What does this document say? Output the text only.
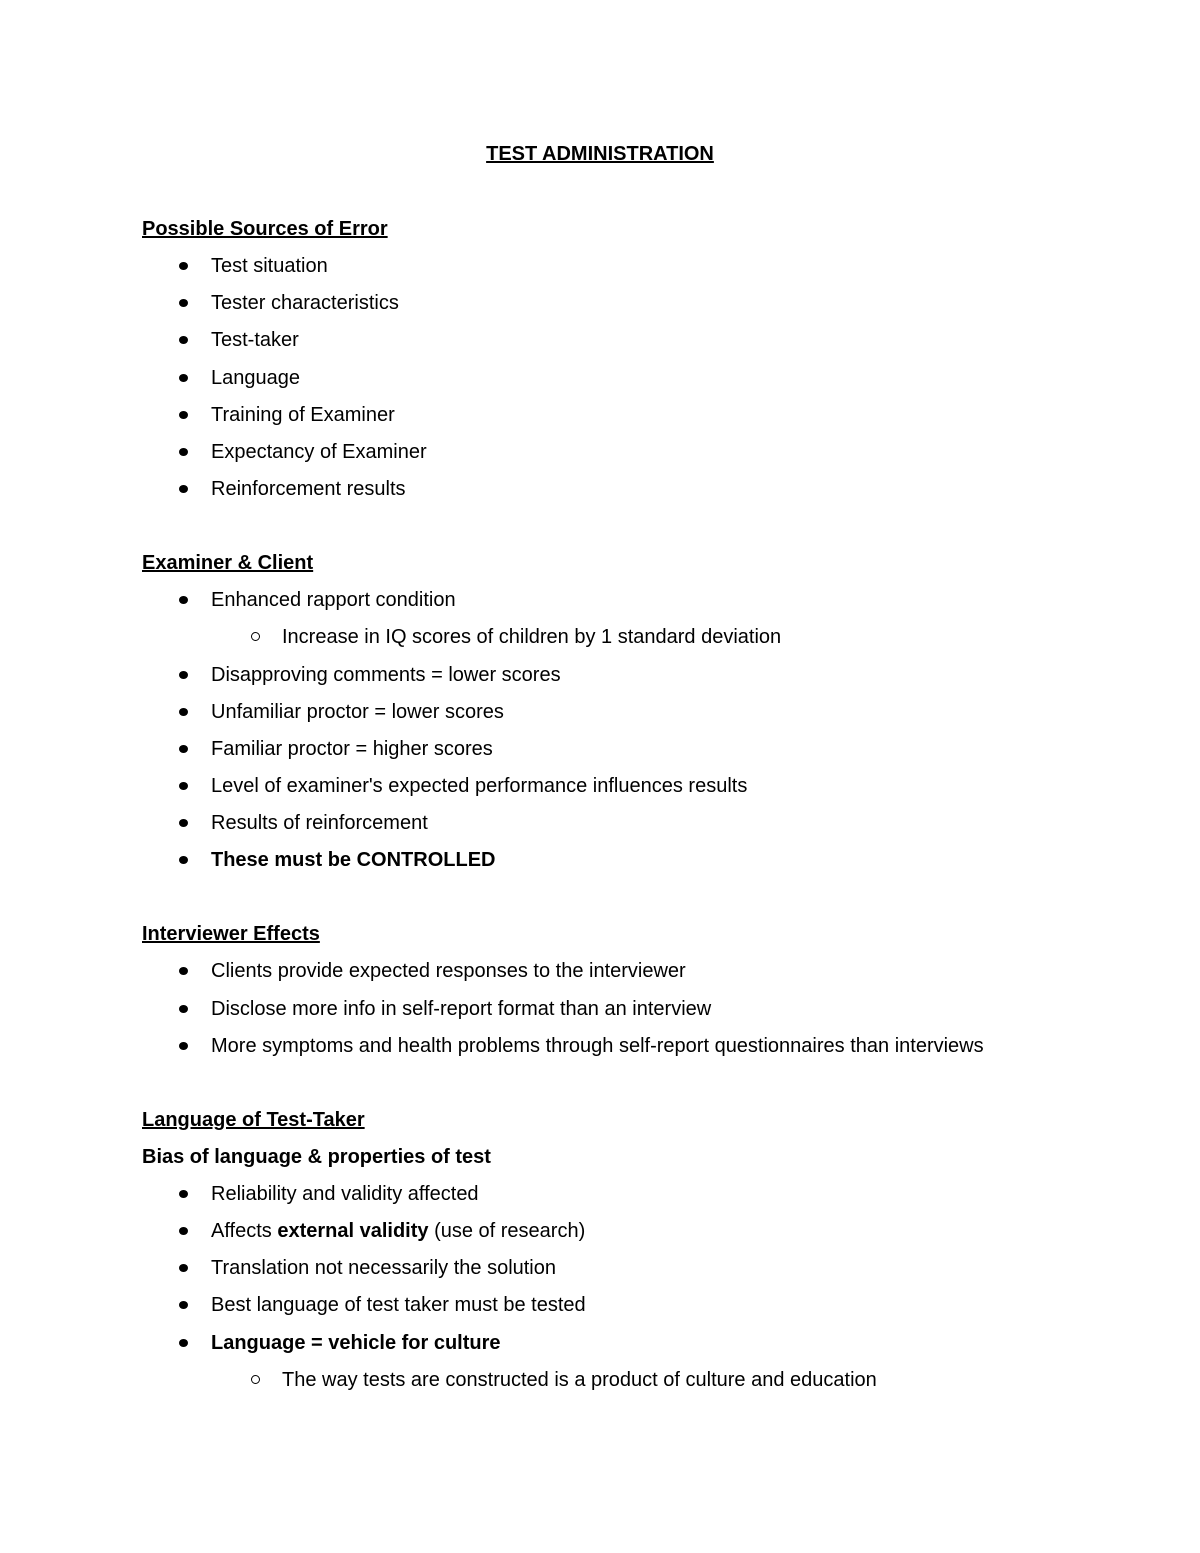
TEST ADMINISTRATION
Possible Sources of Error
Test situation
Tester characteristics
Test-taker
Language
Training of Examiner
Expectancy of Examiner
Reinforcement results
Examiner & Client
Enhanced rapport condition
Increase in IQ scores of children by 1 standard deviation
Disapproving comments = lower scores
Unfamiliar proctor = lower scores
Familiar proctor = higher scores
Level of examiner's expected performance influences results
Results of reinforcement
These must be CONTROLLED
Interviewer Effects
Clients provide expected responses to the interviewer
Disclose more info in self-report format than an interview
More symptoms and health problems through self-report questionnaires than interviews
Language of Test-Taker
Bias of language & properties of test
Reliability and validity affected
Affects external validity (use of research)
Translation not necessarily the solution
Best language of test taker must be tested
Language = vehicle for culture
The way tests are constructed is a product of culture and education
